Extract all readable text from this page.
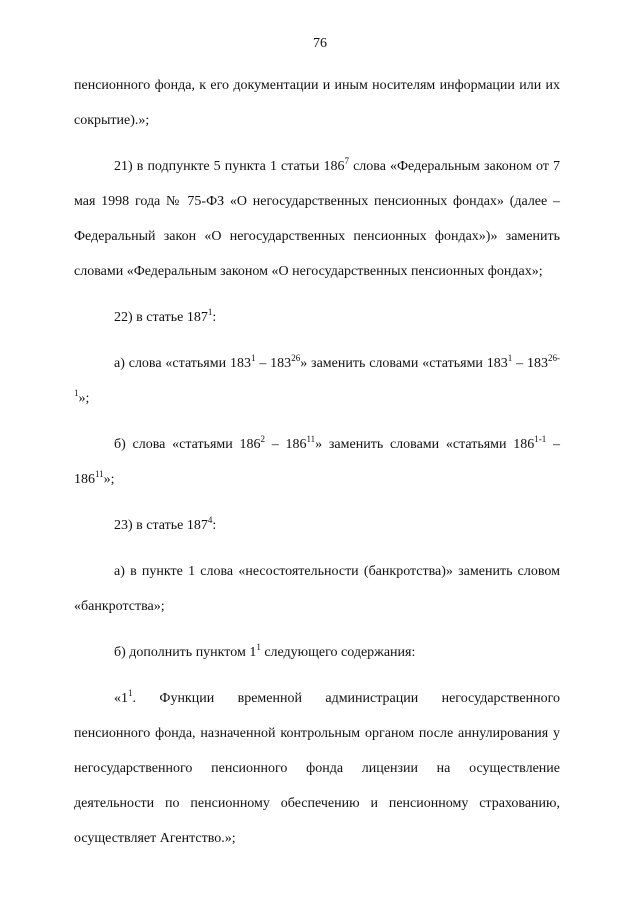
76

пенсионного фонда, к его документации и иным носителям информации или их сокрытие).»;

21) в подпункте 5 пункта 1 статьи $186^7$ слова «Федеральным законом от 7 мая 1998 года № 75-ФЗ «О негосударственных пенсионных фондах» (далее – Федеральный закон «О негосударственных пенсионных фондах»)» заменить словами «Федеральным законом «О негосударственных пенсионных фондах»;

22) в статье $187^1$:

а) слова «статьями $183^1 - 183^{26}$» заменить словами «статьями $183^1 - 183^{26-1}$»;

б) слова «статьями $186^2 - 186^{11}$» заменить словами «статьями $186^{1-1} - 186^{11}$»;

23) в статье $187^4$:

а) в пункте 1 слова «несостоятельности (банкротства)» заменить словом «банкротства»;

б) дополнить пунктом $1^1$ следующего содержания:

«$1^1$. Функции временной администрации негосударственного пенсионного фонда, назначенной контрольным органом после аннулирования у негосударственного пенсионного фонда лицензии на осуществление деятельности по пенсионному обеспечению и пенсионному страхованию, осуществляет Агентство.»;
